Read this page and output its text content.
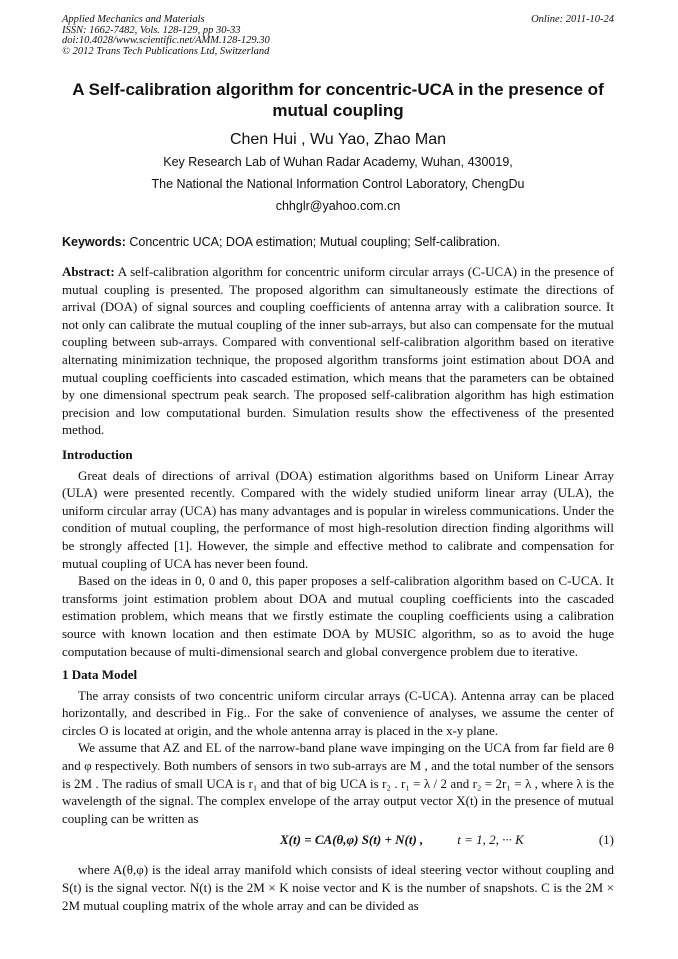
Applied Mechanics and Materials
ISSN: 1662-7482, Vols. 128-129, pp 30-33
doi:10.4028/www.scientific.net/AMM.128-129.30
© 2012 Trans Tech Publications Ltd, Switzerland
Online: 2011-10-24
A Self-calibration algorithm for concentric-UCA in the presence of mutual coupling
Chen Hui , Wu Yao, Zhao Man
Key Research Lab of Wuhan Radar Academy, Wuhan, 430019,
The National the National Information Control Laboratory, ChengDu
chhglr@yahoo.com.cn
Keywords: Concentric UCA; DOA estimation; Mutual coupling; Self-calibration.

Abstract: A self-calibration algorithm for concentric uniform circular arrays (C-UCA) in the presence of mutual coupling is presented. The proposed algorithm can simultaneously estimate the directions of arrival (DOA) of signal sources and coupling coefficients of antenna array with a calibration source. It not only can calibrate the mutual coupling of the inner sub-arrays, but also can compensate for the mutual coupling between sub-arrays. Compared with conventional self-calibration algorithm based on iterative alternating minimization technique, the proposed algorithm transforms joint estimation about DOA and mutual coupling coefficients into cascaded estimation, which means that the parameters can be obtained by one dimensional spectrum peak search. The proposed self-calibration algorithm has high estimation precision and low computational burden. Simulation results show the effectiveness of the presented method.

Introduction

Great deals of directions of arrival (DOA) estimation algorithms based on Uniform Linear Array (ULA) were presented recently. Compared with the widely studied uniform linear array (ULA), the uniform circular array (UCA) has many advantages and is popular in wireless communications. Under the condition of mutual coupling, the performance of most high-resolution direction finding algorithms will be strongly affected [1]. However, the simple and effective method to calibrate and compensation for mutual coupling of UCA has never been found.

Based on the ideas in 0, 0 and 0, this paper proposes a self-calibration algorithm based on C-UCA. It transforms joint estimation problem about DOA and mutual coupling coefficients into the cascaded estimation problem, which means that we firstly estimate the coupling coefficients using a calibration source with known location and then estimate DOA by MUSIC algorithm, so as to avoid the huge computation because of multi-dimensional search and global convergence problem due to iterative.

1 Data Model

The array consists of two concentric uniform circular arrays (C-UCA). Antenna array can be placed horizontally, and described in Fig.. For the sake of convenience of analyses, we assume the center of circles O is located at origin, and the whole antenna array is placed in the x-y plane.

We assume that AZ and EL of the narrow-band plane wave impinging on the UCA from far field are θ and φ respectively. Both numbers of sensors in two sub-arrays are M , and the total number of the sensors is 2M . The radius of small UCA is r₁ and that of big UCA is r₂ . r₁ = λ / 2 and r₂ = 2r₁ = λ , where λ is the wavelength of the signal. The complex envelope of the array output vector X(t) in the presence of mutual coupling can be written as

X(t) = CA(θ,φ) S(t) + N(t) ,	t = 1, 2, ··· K	(1)

where A(θ,φ) is the ideal array manifold which consists of ideal steering vector without coupling and S(t) is the signal vector. N(t) is the 2M × K noise vector and K is the number of snapshots. C is the 2M × 2M mutual coupling matrix of the whole array and can be divided as
